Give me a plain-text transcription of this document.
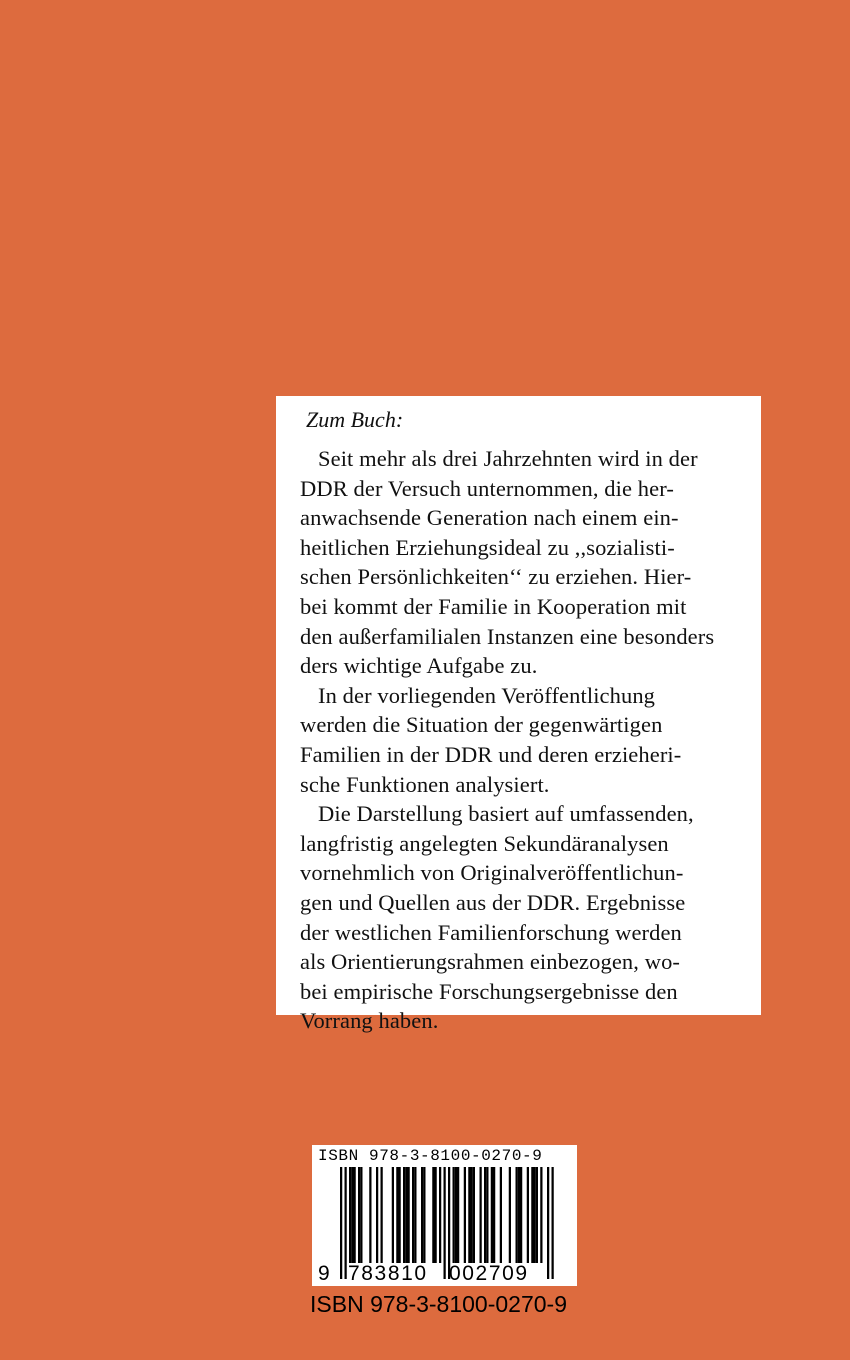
Zum Buch:
Seit mehr als drei Jahrzehnten wird in der
DDR der Versuch unternommen, die her-
anwachsende Generation nach einem ein-
heitlichen Erziehungsideal zu ,,sozialisti-
schen Persönlichkeiten‘‘ zu erziehen. Hier-
bei kommt der Familie in Kooperation mit
den außerfamilialen Instanzen eine besonders
ders wichtige Aufgabe zu.
In der vorliegenden Veröffentlichung
werden die Situation der gegenwärtigen
Familien in der DDR und deren erzieheri-
sche Funktionen analysiert.
Die Darstellung basiert auf umfassenden,
langfristig angelegten Sekundäranalysen
vornehmlich von Originalveröffentlichun-
gen und Quellen aus der DDR. Ergebnisse
der westlichen Familienforschung werden
als Orientierungsrahmen einbezogen, wo-
bei empirische Forschungsergebnisse den
Vorrang haben.
ISBN 978-3-8100-0270-9
9 783810 002709
ISBN 978-3-8100-0270-9
